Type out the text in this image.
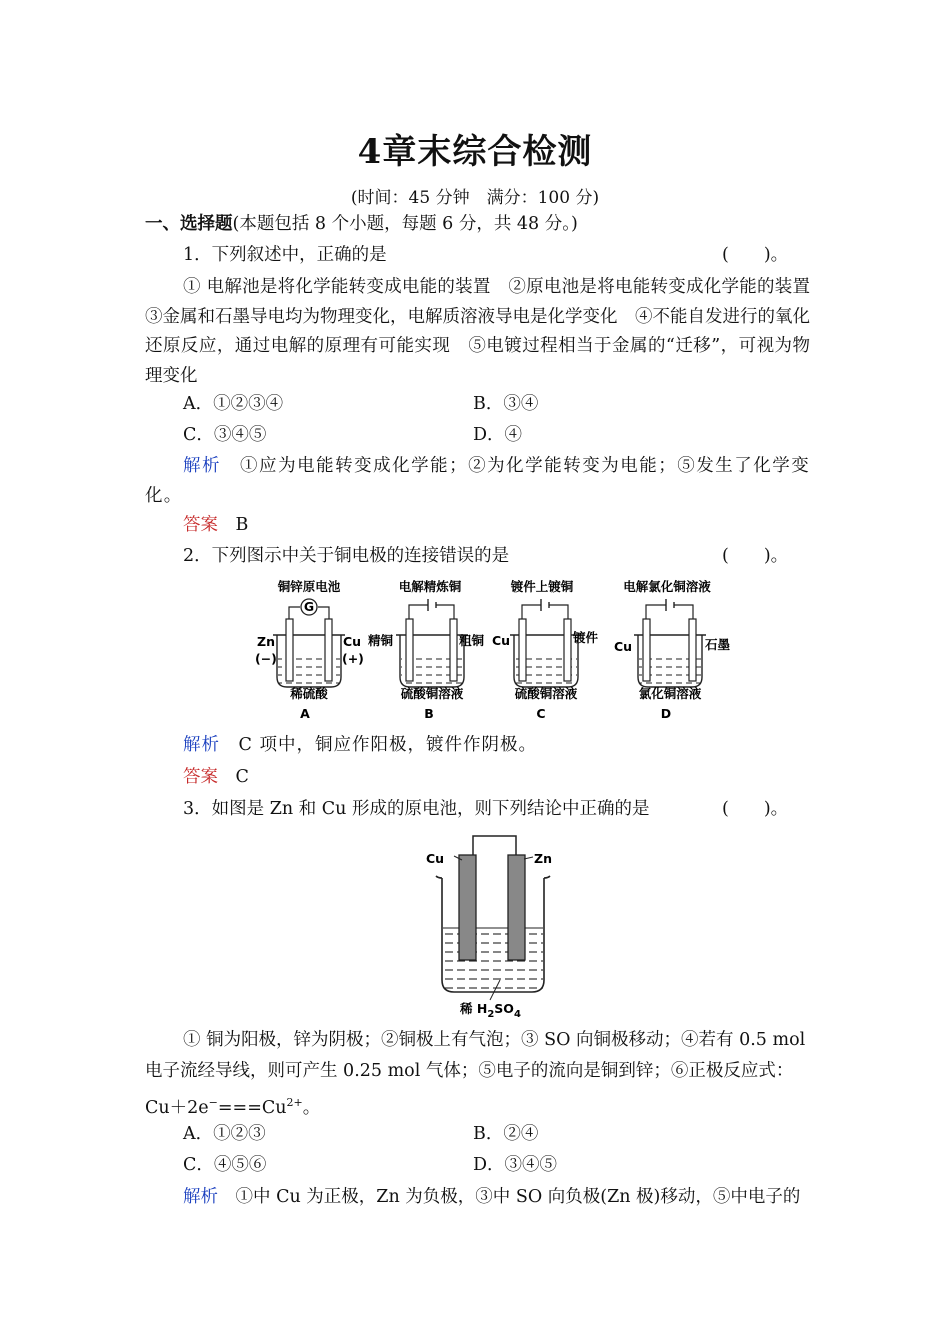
4章末综合检测
(时间：45 分钟　满分：100 分)
一、选择题(本题包括 8 个小题，每题 6 分，共 48 分。)
1．下列叙述中，正确的是	(　　)。
① 电解池是将化学能转变成电能的装置　②原电池是将电能转变成化学能的装置　③金属和石墨导电均为物理变化，电解质溶液导电是化学变化　④不能自发进行的氧化还原反应，通过电解的原理有可能实现　⑤电镀过程相当于金属的“迁移”，可视为物理变化
A．①②③④	B．③④
C．③④⑤	D．④
解析　 ①应为电能转变成化学能；②为化学能转变为电能；⑤发生了化学变化。
答案　 B
2．下列图示中关于铜电极的连接错误的是	(　　)。
G
铜锌原电池
Zn
(−)
Cu
(+)
稀硫酸
A
电解精炼铜
精铜	粗铜
硫酸铜溶液
B
镀件上镀铜
Cu	镀件
硫酸铜溶液
C
电解氯化铜溶液
Cu	石墨
氯化铜溶液
D
解析　 C 项中，铜应作阳极，镀件作阴极。
答案　 C
3．如图是 Zn 和 Cu 形成的原电池，则下列结论中正确的是	(　　)。
Cu	Zn
稀 $H_2SO_4$
① 铜为阳极，锌为阴极；②铜极上有气泡；③ SO 向铜极移动；④若有 0.5 mol
电子流经导线，则可产生 0.25 mol 气体；⑤电子的流向是铜到锌；⑥正极反应式：
$Cu+2e^-===Cu^{2+}$。
A．①②③	B．②④
C．④⑤⑥	D．③④⑤
解析　 ①中 Cu 为正极，Zn 为负极，③中 SO 向负极(Zn 极)移动，⑤中电子的
